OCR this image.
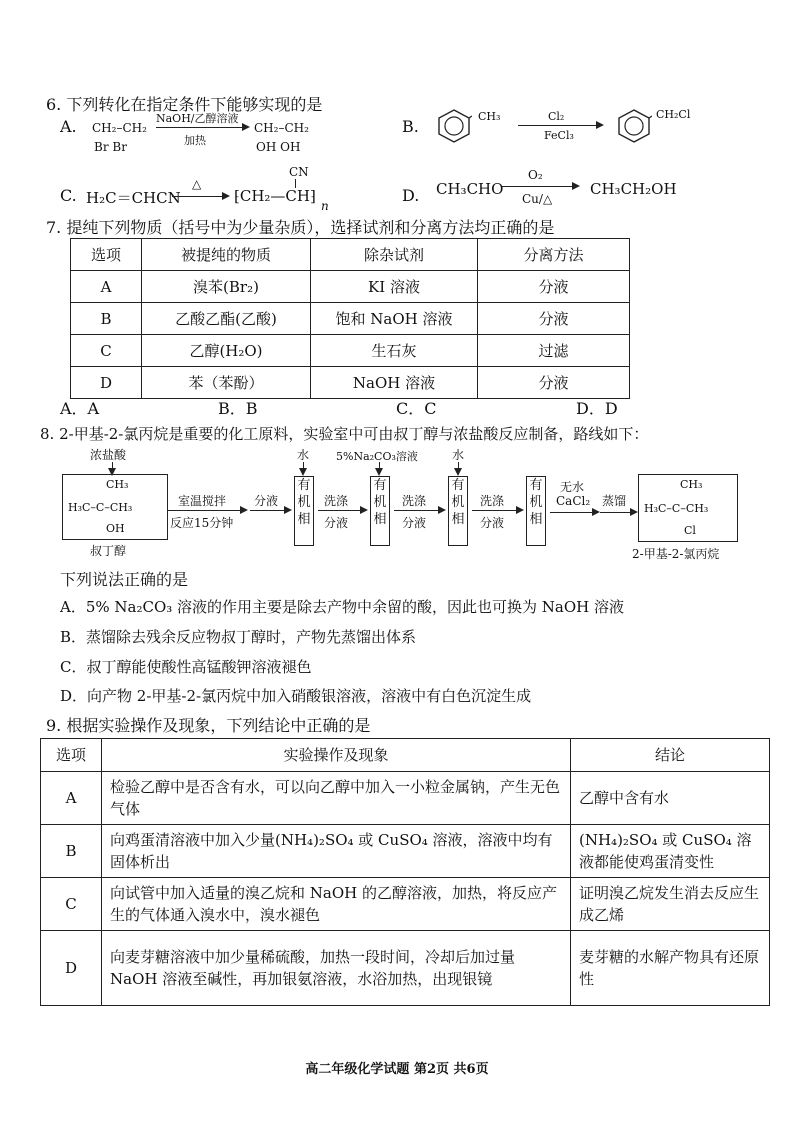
6. 下列转化在指定条件下能够实现的是
A. CH₂–CH₂
Br Br
NaOH/乙醇溶液
加热
CH₂–CH₂
OH OH
B.
CH₃	Cl₂
FeCl₃
CH₂Cl
C. H₂C＝CHCN
△
CN
⁅CH₂—CH⁆
n
D. CH₃CHO
O₂
Cu/△
CH₃CH₂OH
7. 提纯下列物质（括号中为少量杂质），选择试剂和分离方法均正确的是
选项	被提纯的物质	除杂试剂	分离方法
A	溴苯(Br₂)	KI 溶液	分液
B	乙酸乙酯(乙酸)	饱和 NaOH 溶液	分液
C	乙醇(H₂O)	生石灰	过滤
D	苯（苯酚）	NaOH 溶液	分液
A．A	B．B	C．C	D．D
8. 2-甲基-2-氯丙烷是重要的化工原料，实验室中可由叔丁醇与浓盐酸反应制备，路线如下：
浓盐酸
CH₃
H₃C–C–CH₃
OH
叔丁醇
室温搅拌
反应15分钟
分液
水
有机相
洗涤
分液
5%Na₂CO₃溶液
有机相
洗涤
分液
水
有机相
洗涤
分液
有机相
无水
CaCl₂ 蒸馏
CH₃
H₃C–C–CH₃
Cl
2-甲基-2-氯丙烷
下列说法正确的是
A．5% Na₂CO₃ 溶液的作用主要是除去产物中余留的酸，因此也可换为 NaOH 溶液
B．蒸馏除去残余反应物叔丁醇时，产物先蒸馏出体系
C．叔丁醇能使酸性高锰酸钾溶液褪色
D．向产物 2-甲基-2-氯丙烷中加入硝酸银溶液，溶液中有白色沉淀生成
9. 根据实验操作及现象，下列结论中正确的是
选项	实验操作及现象	结论
A	检验乙醇中是否含有水，可以向乙醇中加入一小粒金属钠，产生无色气体	乙醇中含有水
B	向鸡蛋清溶液中加入少量(NH₄)₂SO₄ 或 CuSO₄ 溶液，溶液中均有固体析出	(NH₄)₂SO₄ 或 CuSO₄ 溶液都能使鸡蛋清变性
C	向试管中加入适量的溴乙烷和 NaOH 的乙醇溶液，加热，将反应产生的气体通入溴水中，溴水褪色	证明溴乙烷发生消去反应生成乙烯
D	向麦芽糖溶液中加少量稀硫酸，加热一段时间，冷却后加过量 NaOH 溶液至碱性，再加银氨溶液，水浴加热，出现银镜	麦芽糖的水解产物具有还原性
高二年级化学试题 第2页 共6页
